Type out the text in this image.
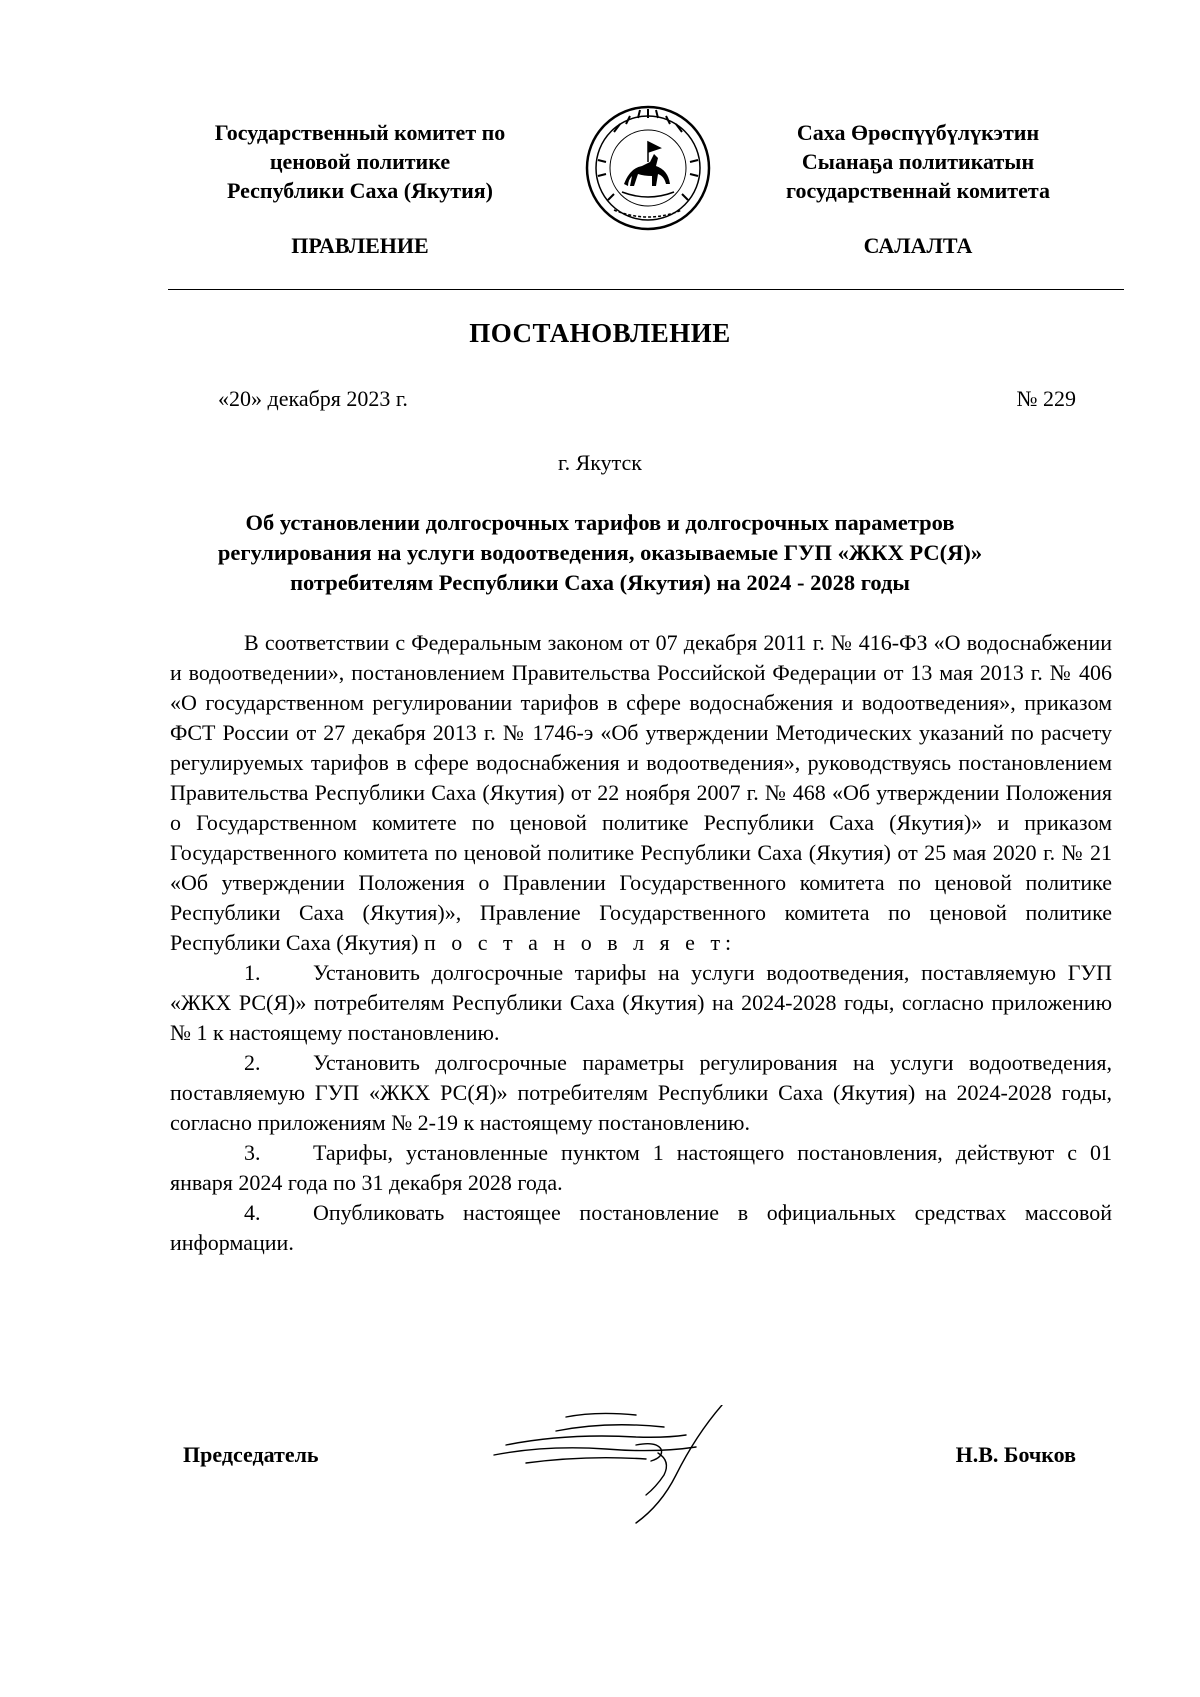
Государственный комитет по
ценовой политике
Республики Саха (Якутия)
Саха Өрөспүүбүлүкэтин
Сыанаҕа политикатын
государственнай комитета
ПРАВЛЕНИЕ	САЛАЛТА
ПОСТАНОВЛЕНИЕ
«20» декабря 2023 г.	№ 229
г. Якутск
Об установлении долгосрочных тарифов и долгосрочных параметров
регулирования на услуги водоотведения, оказываемые ГУП «ЖКХ РС(Я)»
потребителям Республики Саха (Якутия) на 2024 - 2028 годы

В соответствии с Федеральным законом от 07 декабря 2011 г. № 416-ФЗ «О водоснабжении и водоотведении», постановлением Правительства Российской Федерации от 13 мая 2013 г. № 406 «О государственном регулировании тарифов в сфере водоснабжения и водоотведения», приказом ФСТ России от 27 декабря 2013 г. № 1746-э «Об утверждении Методических указаний по расчету регулируемых тарифов в сфере водоснабжения и водоотведения», руководствуясь постановлением Правительства Республики Саха (Якутия) от 22 ноября 2007 г. № 468 «Об утверждении Положения о Государственном комитете по ценовой политике Республики Саха (Якутия)» и приказом Государственного комитета по ценовой политике Республики Саха (Якутия) от 25 мая 2020 г. № 21 «Об утверждении Положения о Правлении Государственного комитета по ценовой политике Республики Саха (Якутия)», Правление Государственного комитета по ценовой политике Республики Саха (Якутия) п о с т а н о в л я е т:

1. Установить долгосрочные тарифы на услуги водоотведения, поставляемую ГУП «ЖКХ РС(Я)» потребителям Республики Саха (Якутия) на 2024-2028 годы, согласно приложению № 1 к настоящему постановлению.

2. Установить долгосрочные параметры регулирования на услуги водоотведения, поставляемую ГУП «ЖКХ РС(Я)» потребителям Республики Саха (Якутия) на 2024-2028 годы, согласно приложениям № 2-19 к настоящему постановлению.

3. Тарифы, установленные пунктом 1 настоящего постановления, действуют с 01 января 2024 года по 31 декабря 2028 года.

4. Опубликовать настоящее постановление в официальных средствах массовой информации.

Председатель	Н.В. Бочков
